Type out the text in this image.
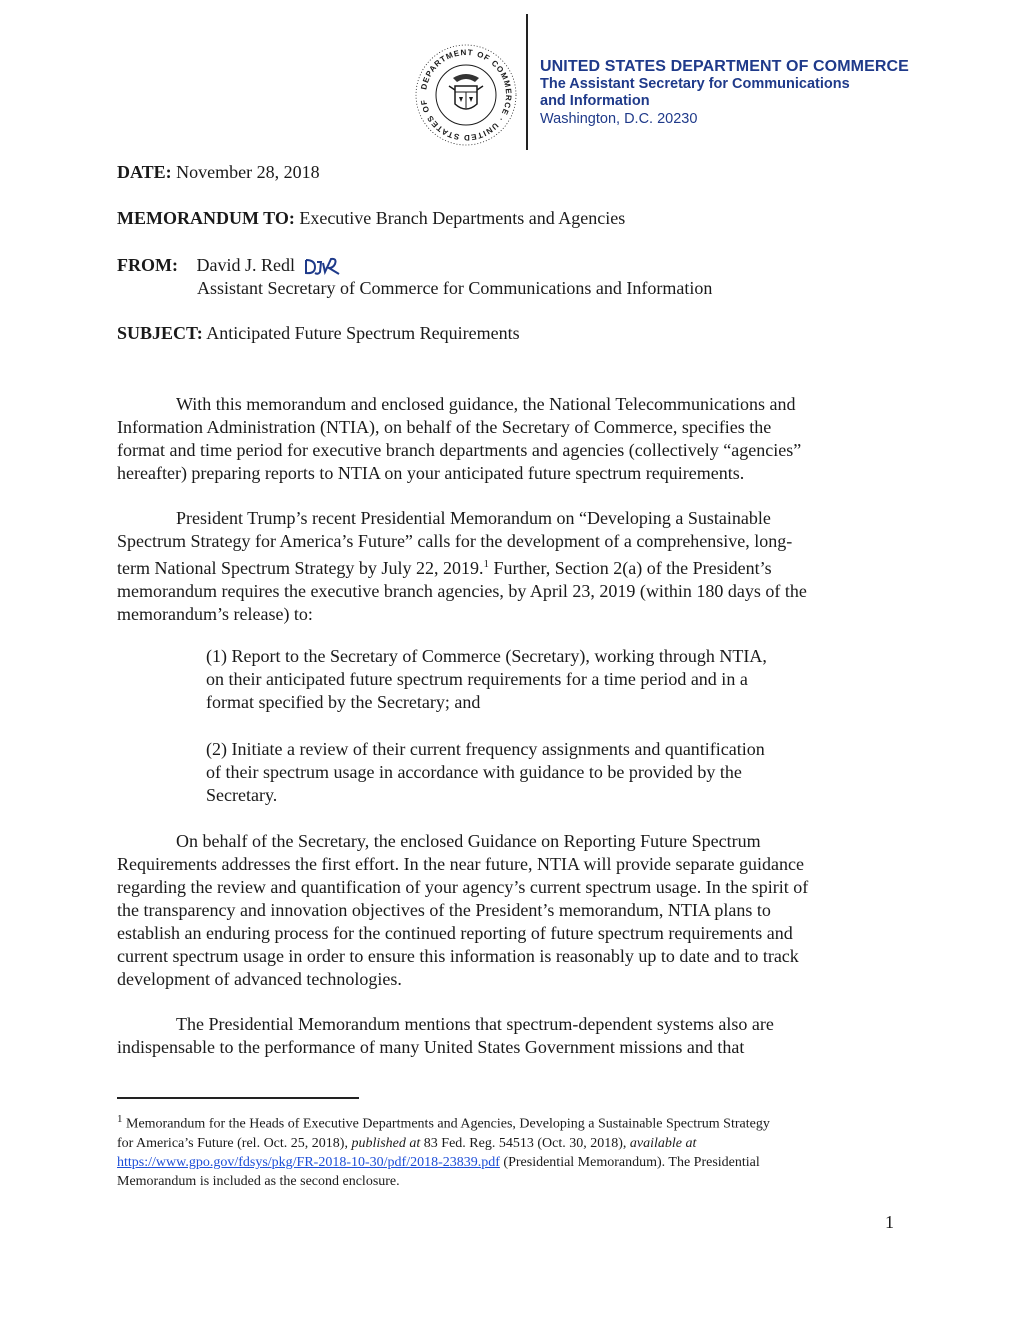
DEPARTMENT OF COMMERCE · UNITED STATES OF
UNITED STATES DEPARTMENT OF COMMERCE
The Assistant Secretary for Communications
and Information
Washington, D.C. 20230
DATE: November 28, 2018
MEMORANDUM TO: Executive Branch Departments and Agencies
FROM: David J. Redl
Assistant Secretary of Commerce for Communications and Information
SUBJECT: Anticipated Future Spectrum Requirements
With this memorandum and enclosed guidance, the National Telecommunications and
Information Administration (NTIA), on behalf of the Secretary of Commerce, specifies the
format and time period for executive branch departments and agencies (collectively “agencies”
hereafter) preparing reports to NTIA on your anticipated future spectrum requirements.
President Trump’s recent Presidential Memorandum on “Developing a Sustainable
Spectrum Strategy for America’s Future” calls for the development of a comprehensive, long-
term National Spectrum Strategy by July 22, 2019.$^1$ Further, Section 2(a) of the President’s
memorandum requires the executive branch agencies, by April 23, 2019 (within 180 days of the
memorandum’s release) to:
(1) Report to the Secretary of Commerce (Secretary), working through NTIA,
on their anticipated future spectrum requirements for a time period and in a
format specified by the Secretary; and
(2) Initiate a review of their current frequency assignments and quantification
of their spectrum usage in accordance with guidance to be provided by the
Secretary.
On behalf of the Secretary, the enclosed Guidance on Reporting Future Spectrum
Requirements addresses the first effort. In the near future, NTIA will provide separate guidance
regarding the review and quantification of your agency’s current spectrum usage. In the spirit of
the transparency and innovation objectives of the President’s memorandum, NTIA plans to
establish an enduring process for the continued reporting of future spectrum requirements and
current spectrum usage in order to ensure this information is reasonably up to date and to track
development of advanced technologies.
The Presidential Memorandum mentions that spectrum-dependent systems also are
indispensable to the performance of many United States Government missions and that
$^1$ Memorandum for the Heads of Executive Departments and Agencies, Developing a Sustainable Spectrum Strategy
for America’s Future (rel. Oct. 25, 2018), published at 83 Fed. Reg. 54513 (Oct. 30, 2018), available at
https://www.gpo.gov/fdsys/pkg/FR-2018-10-30/pdf/2018-23839.pdf (Presidential Memorandum). The Presidential
Memorandum is included as the second enclosure.
1
